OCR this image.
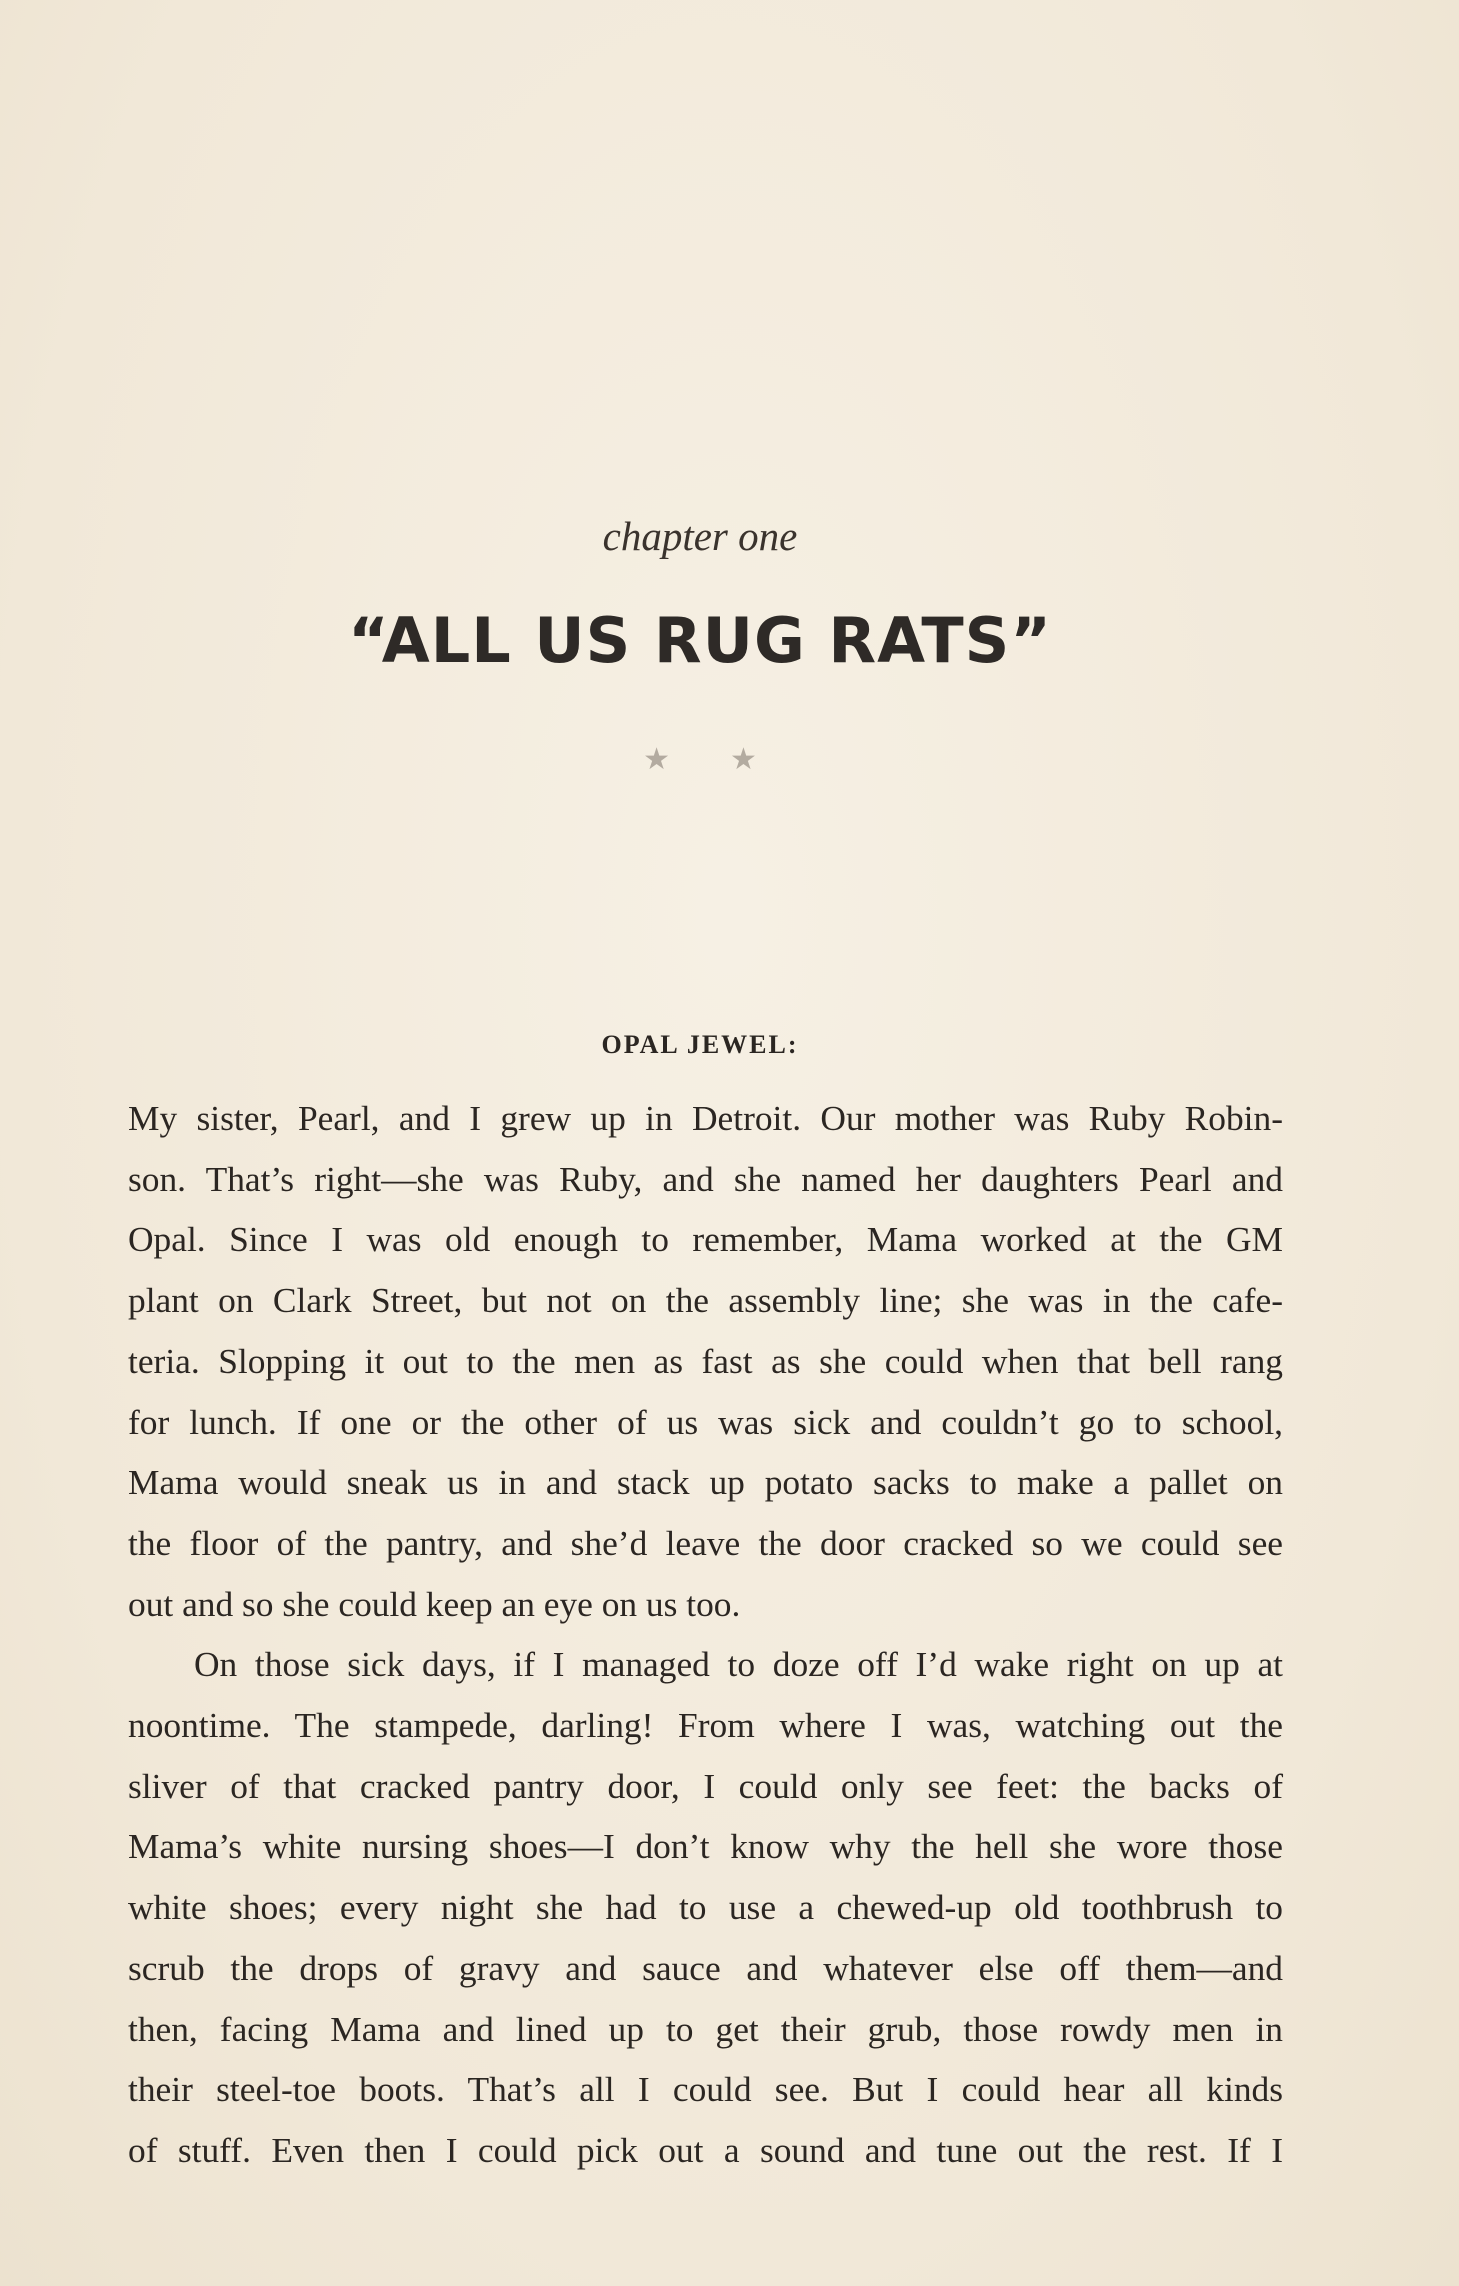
chapter one
“ALL US RUG RATS”
★★
OPAL JEWEL:
My sister, Pearl, and I grew up in Detroit. Our mother was Ruby Robin-
son. That’s right—she was Ruby, and she named her daughters Pearl and
Opal. Since I was old enough to remember, Mama worked at the GM
plant on Clark Street, but not on the assembly line; she was in the cafe-
teria. Slopping it out to the men as fast as she could when that bell rang
for lunch. If one or the other of us was sick and couldn’t go to school,
Mama would sneak us in and stack up potato sacks to make a pallet on
the floor of the pantry, and she’d leave the door cracked so we could see
out and so she could keep an eye on us too.
On those sick days, if I managed to doze off I’d wake right on up at
noontime. The stampede, darling! From where I was, watching out the
sliver of that cracked pantry door, I could only see feet: the backs of
Mama’s white nursing shoes—I don’t know why the hell she wore those
white shoes; every night she had to use a chewed-up old toothbrush to
scrub the drops of gravy and sauce and whatever else off them—and
then, facing Mama and lined up to get their grub, those rowdy men in
their steel-toe boots. That’s all I could see. But I could hear all kinds
of stuff. Even then I could pick out a sound and tune out the rest. If I
